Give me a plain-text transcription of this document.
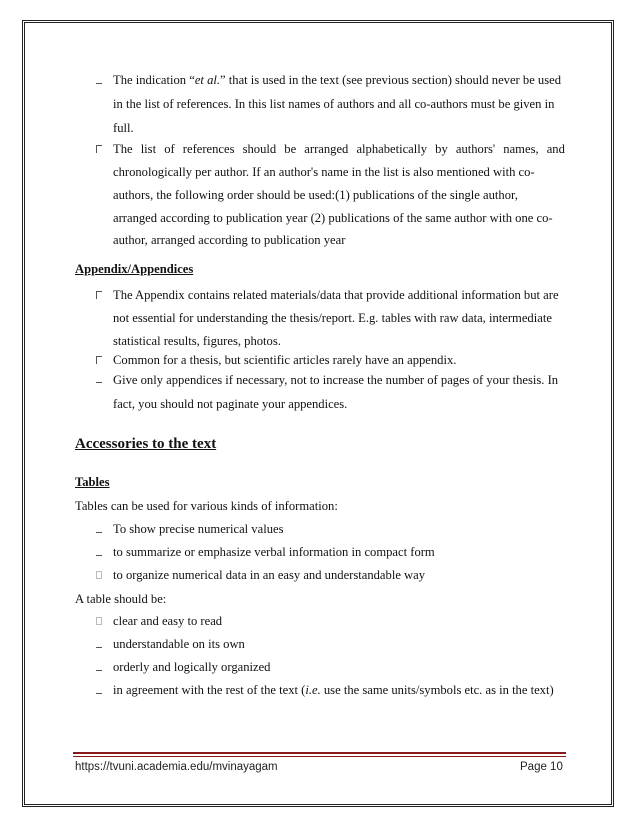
The indication “et al.” that is used in the text (see previous section) should never be used
in the list of references. In this list names of authors and all co-authors must be given in
full.
The list of references should be arranged alphabetically by authors' names, and
chronologically per author. If an author's name in the list is also mentioned with co-
authors, the following order should be used:(1) publications of the single author,
arranged according to publication year (2) publications of the same author with one co-
author, arranged according to publication year
Appendix/Appendices
The Appendix contains related materials/data that provide additional information but are
not essential for understanding the thesis/report. E.g. tables with raw data, intermediate
statistical results, figures, photos.
Common for a thesis, but scientific articles rarely have an appendix.
Give only appendices if necessary, not to increase the number of pages of your thesis. In
fact, you should not paginate your appendices.
Accessories to the text
Tables
Tables can be used for various kinds of information:
To show precise numerical values
to summarize or emphasize verbal information in compact form
to organize numerical data in an easy and understandable way
A table should be:
clear and easy to read
understandable on its own
orderly and logically organized
in agreement with the rest of the text (i.e. use the same units/symbols etc. as in the text)
https://tvuni.academia.edu/mvinayagam	Page 10
